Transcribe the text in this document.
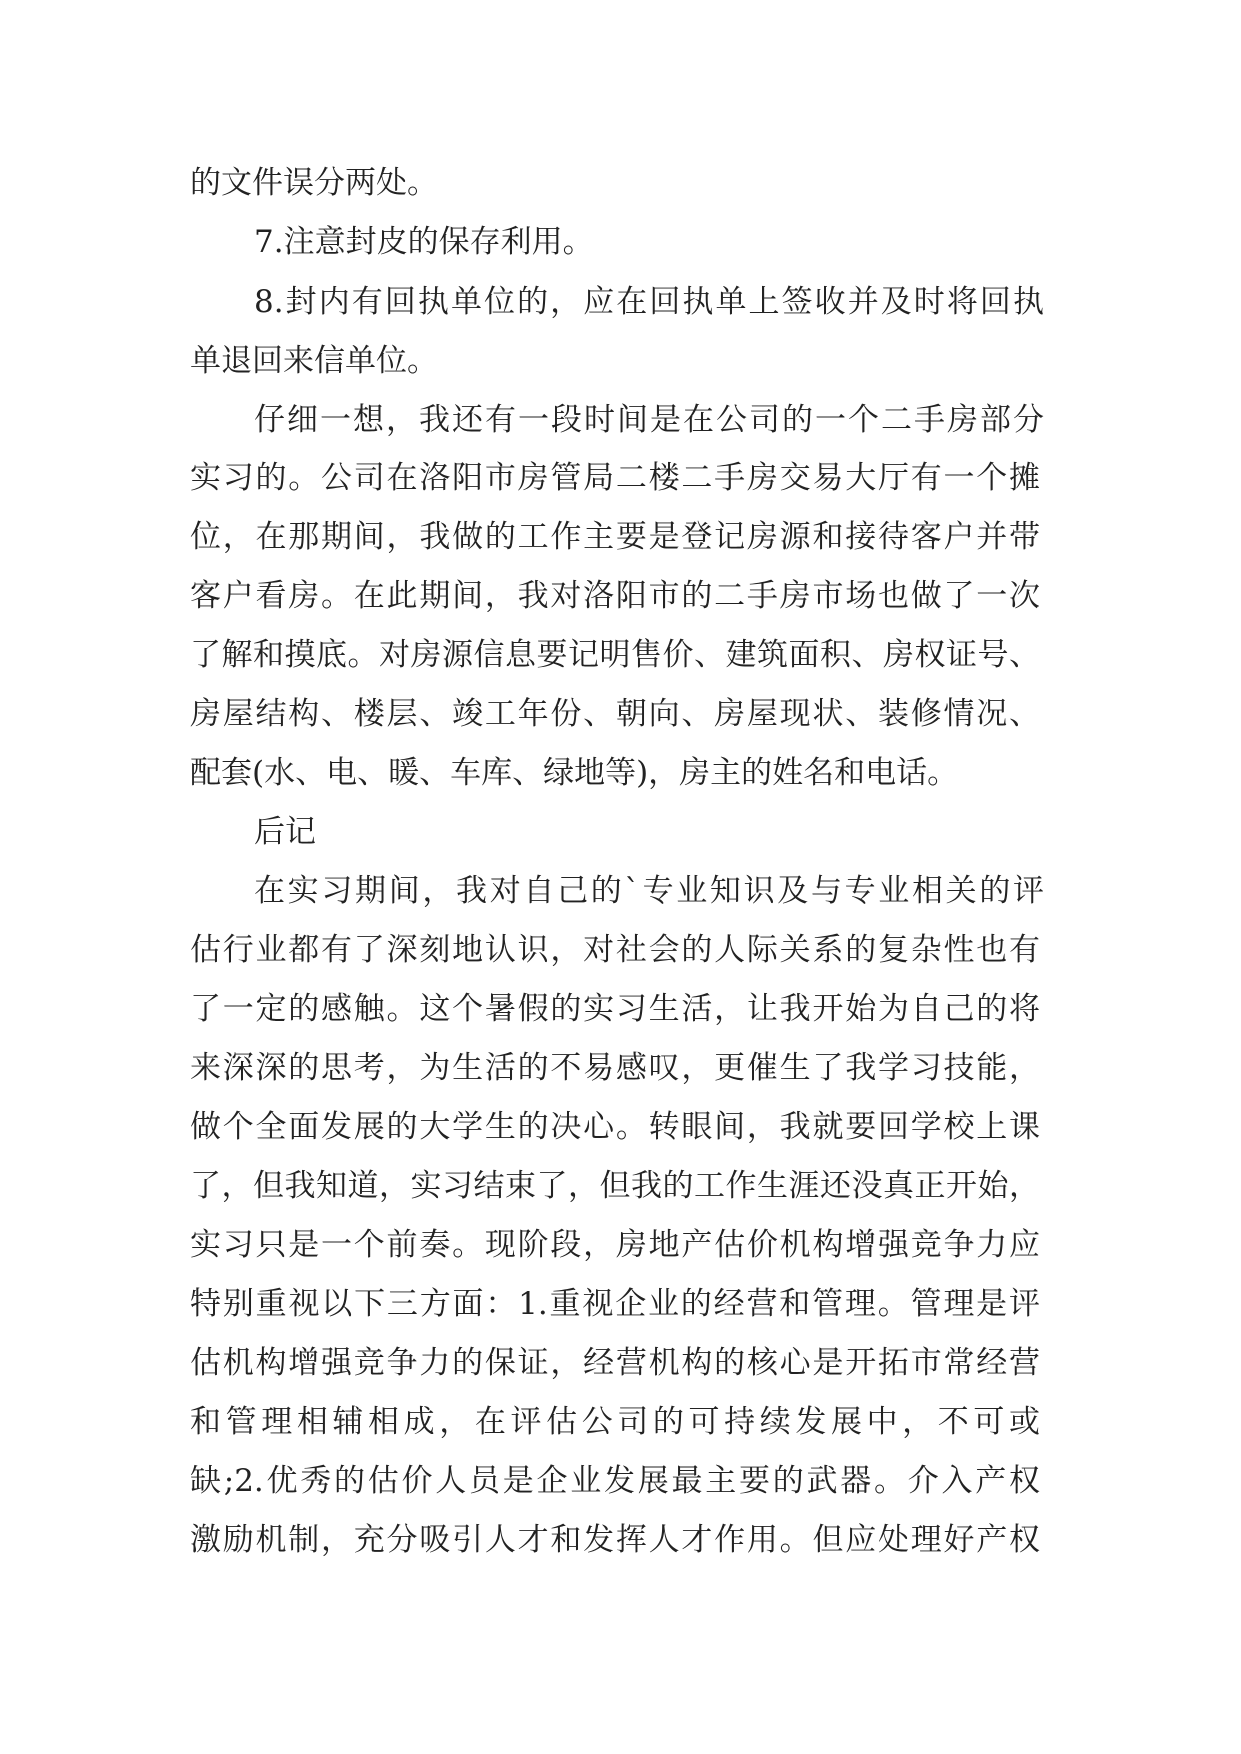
的文件误分两处。
7.注意封皮的保存利用。
8.封内有回执单位的，应在回执单上签收并及时将回执
单退回来信单位。
仔细一想，我还有一段时间是在公司的一个二手房部分
实习的。公司在洛阳市房管局二楼二手房交易大厅有一个摊
位，在那期间，我做的工作主要是登记房源和接待客户并带
客户看房。在此期间，我对洛阳市的二手房市场也做了一次
了解和摸底。对房源信息要记明售价、建筑面积、房权证号、
房屋结构、楼层、竣工年份、朝向、房屋现状、装修情况、
配套(水、电、暖、车库、绿地等)，房主的姓名和电话。
后记
在实习期间，我对自己的`专业知识及与专业相关的评
估行业都有了深刻地认识，对社会的人际关系的复杂性也有
了一定的感触。这个暑假的实习生活，让我开始为自己的将
来深深的思考，为生活的不易感叹，更催生了我学习技能，
做个全面发展的大学生的决心。转眼间，我就要回学校上课
了，但我知道，实习结束了，但我的工作生涯还没真正开始，
实习只是一个前奏。现阶段，房地产估价机构增强竞争力应
特别重视以下三方面：1.重视企业的经营和管理。管理是评
估机构增强竞争力的保证，经营机构的核心是开拓市常经营
和管理相辅相成，在评估公司的可持续发展中，不可或
缺;2.优秀的估价人员是企业发展最主要的武器。介入产权
激励机制，充分吸引人才和发挥人才作用。但应处理好产权
